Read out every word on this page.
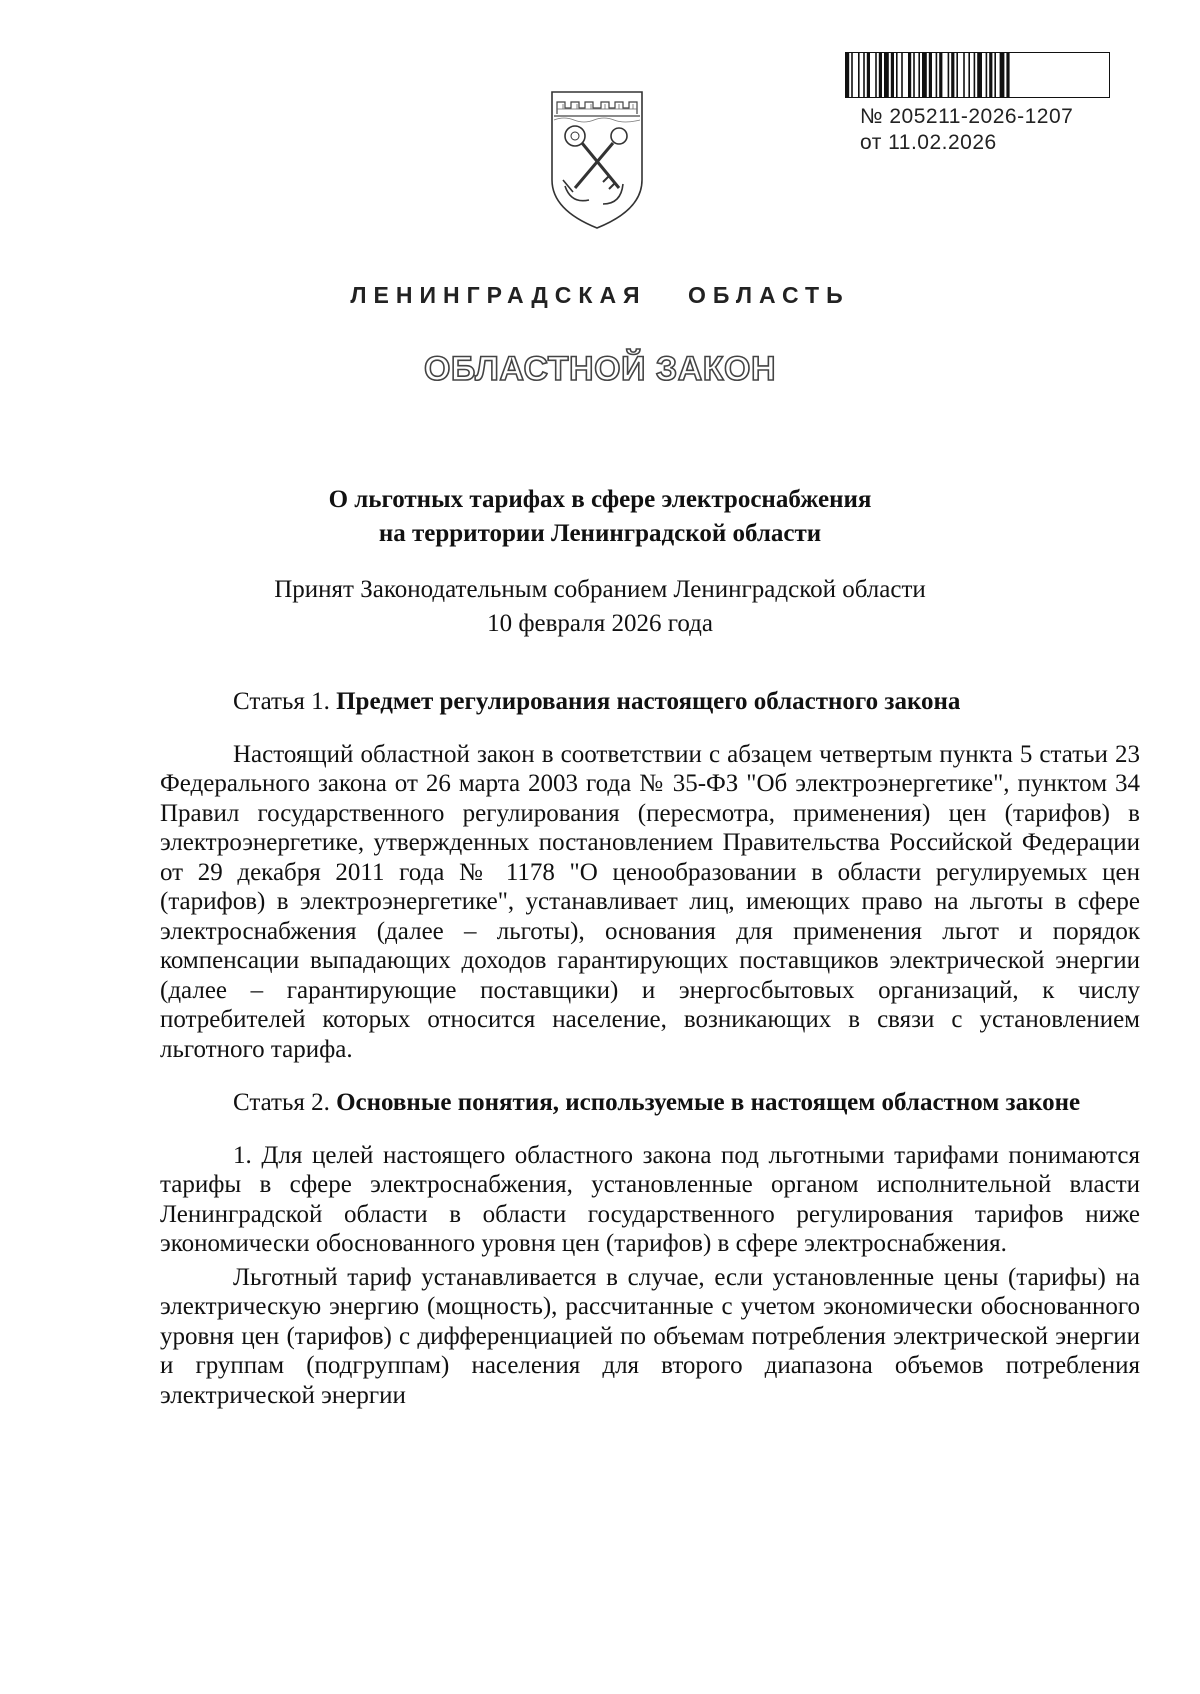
№ 205211-2026-1207
от 11.02.2026
ЛЕНИНГРАДСКАЯ ОБЛАСТЬ
ОБЛАСТНОЙ ЗАКОН
О льготных тарифах в сфере электроснабжения
на территории Ленинградской области
Принят Законодательным собранием Ленинградской области
10 февраля 2026 года

Статья 1. Предмет регулирования настоящего областного закона

Настоящий областной закон в соответствии с абзацем четвертым пункта 5 статьи 23 Федерального закона от 26 марта 2003 года № 35-ФЗ "Об электроэнергетике", пунктом 34 Правил государственного регулирования (пересмотра, применения) цен (тарифов) в электроэнергетике, утвержденных постановлением Правительства Российской Федерации от 29 декабря 2011 года № 1178 "О ценообразовании в области регулируемых цен (тарифов) в электроэнергетике", устанавливает лиц, имеющих право на льготы в сфере электроснабжения (далее – льготы), основания для применения льгот и порядок компенсации выпадающих доходов гарантирующих поставщиков электрической энергии (далее – гарантирующие поставщики) и энергосбытовых организаций, к числу потребителей которых относится население, возникающих в связи с установлением льготного тарифа.

Статья 2. Основные понятия, используемые в настоящем областном законе

1. Для целей настоящего областного закона под льготными тарифами понимаются тарифы в сфере электроснабжения, установленные органом исполнительной власти Ленинградской области в области государственного регулирования тарифов ниже экономически обоснованного уровня цен (тарифов) в сфере электроснабжения.

Льготный тариф устанавливается в случае, если установленные цены (тарифы) на электрическую энергию (мощность), рассчитанные с учетом экономически обоснованного уровня цен (тарифов) с дифференциацией по объемам потребления электрической энергии и группам (подгруппам) населения для второго диапазона объемов потребления электрической энергии
